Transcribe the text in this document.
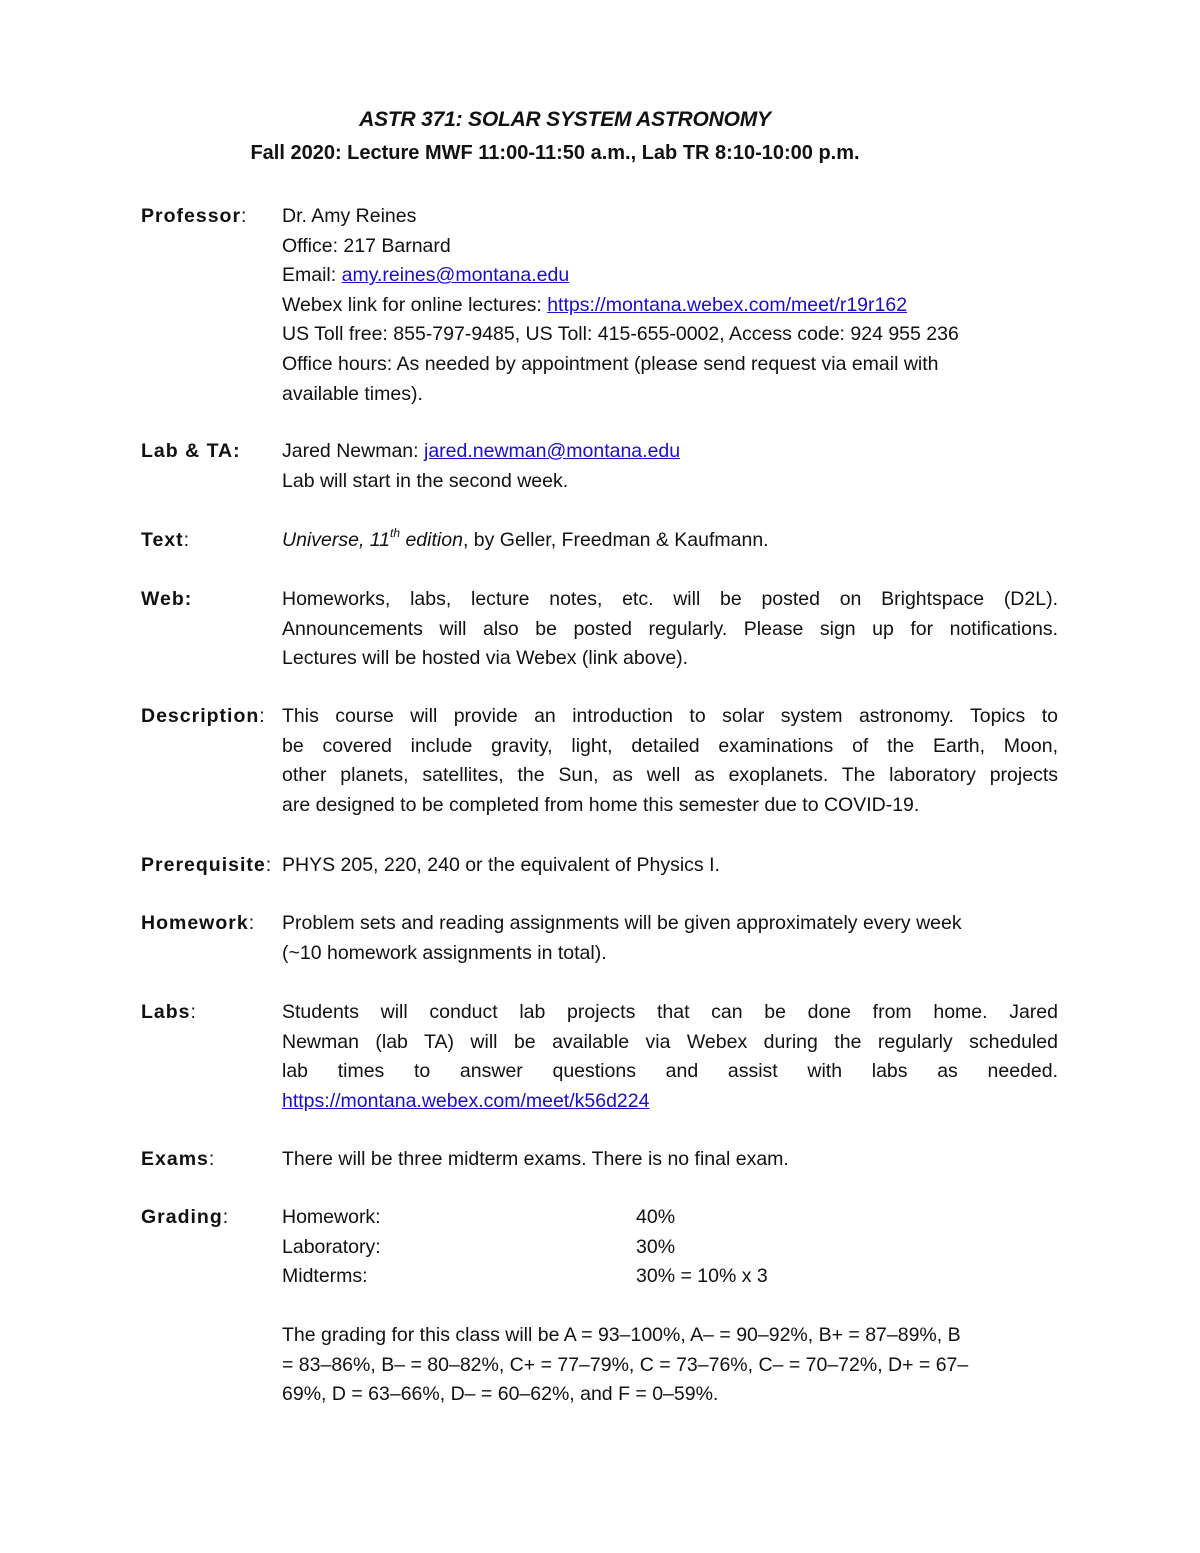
ASTR 371: SOLAR SYSTEM ASTRONOMY
Fall 2020: Lecture MWF 11:00-11:50 a.m., Lab TR 8:10-10:00 p.m.
Professor: Dr. Amy Reines
Office: 217 Barnard
Email: amy.reines@montana.edu
Webex link for online lectures: https://montana.webex.com/meet/r19r162
US Toll free: 855-797-9485, US Toll: 415-655-0002, Access code: 924 955 236
Office hours: As needed by appointment (please send request via email with
available times).
Lab & TA: Jared Newman: jared.newman@montana.edu
Lab will start in the second week.
Text:	Universe, 11th edition, by Geller, Freedman & Kaufmann.
Web:	Homeworks, labs, lecture notes, etc. will be posted on Brightspace (D2L).
Announcements will also be posted regularly. Please sign up for notifications.
Lectures will be hosted via Webex (link above).
Description: This course will provide an introduction to solar system astronomy. Topics to
be covered include gravity, light, detailed examinations of the Earth, Moon,
other planets, satellites, the Sun, as well as exoplanets. The laboratory projects
are designed to be completed from home this semester due to COVID-19.
Prerequisite: PHYS 205, 220, 240 or the equivalent of Physics I.
Homework: Problem sets and reading assignments will be given approximately every week
(~10 homework assignments in total).
Labs:	Students will conduct lab projects that can be done from home. Jared
Newman (lab TA) will be available via Webex during the regularly scheduled
lab times to answer questions and assist with labs as needed.
https://montana.webex.com/meet/k56d224
Exams:	There will be three midterm exams. There is no final exam.
Grading:	Homework:	40%
Laboratory:	30%
Midterms:	30% = 10% x 3
The grading for this class will be A = 93–100%, A– = 90–92%, B+ = 87–89%, B
= 83–86%, B– = 80–82%, C+ = 77–79%, C = 73–76%, C– = 70–72%, D+ = 67–
69%, D = 63–66%, D– = 60–62%, and F = 0–59%.
